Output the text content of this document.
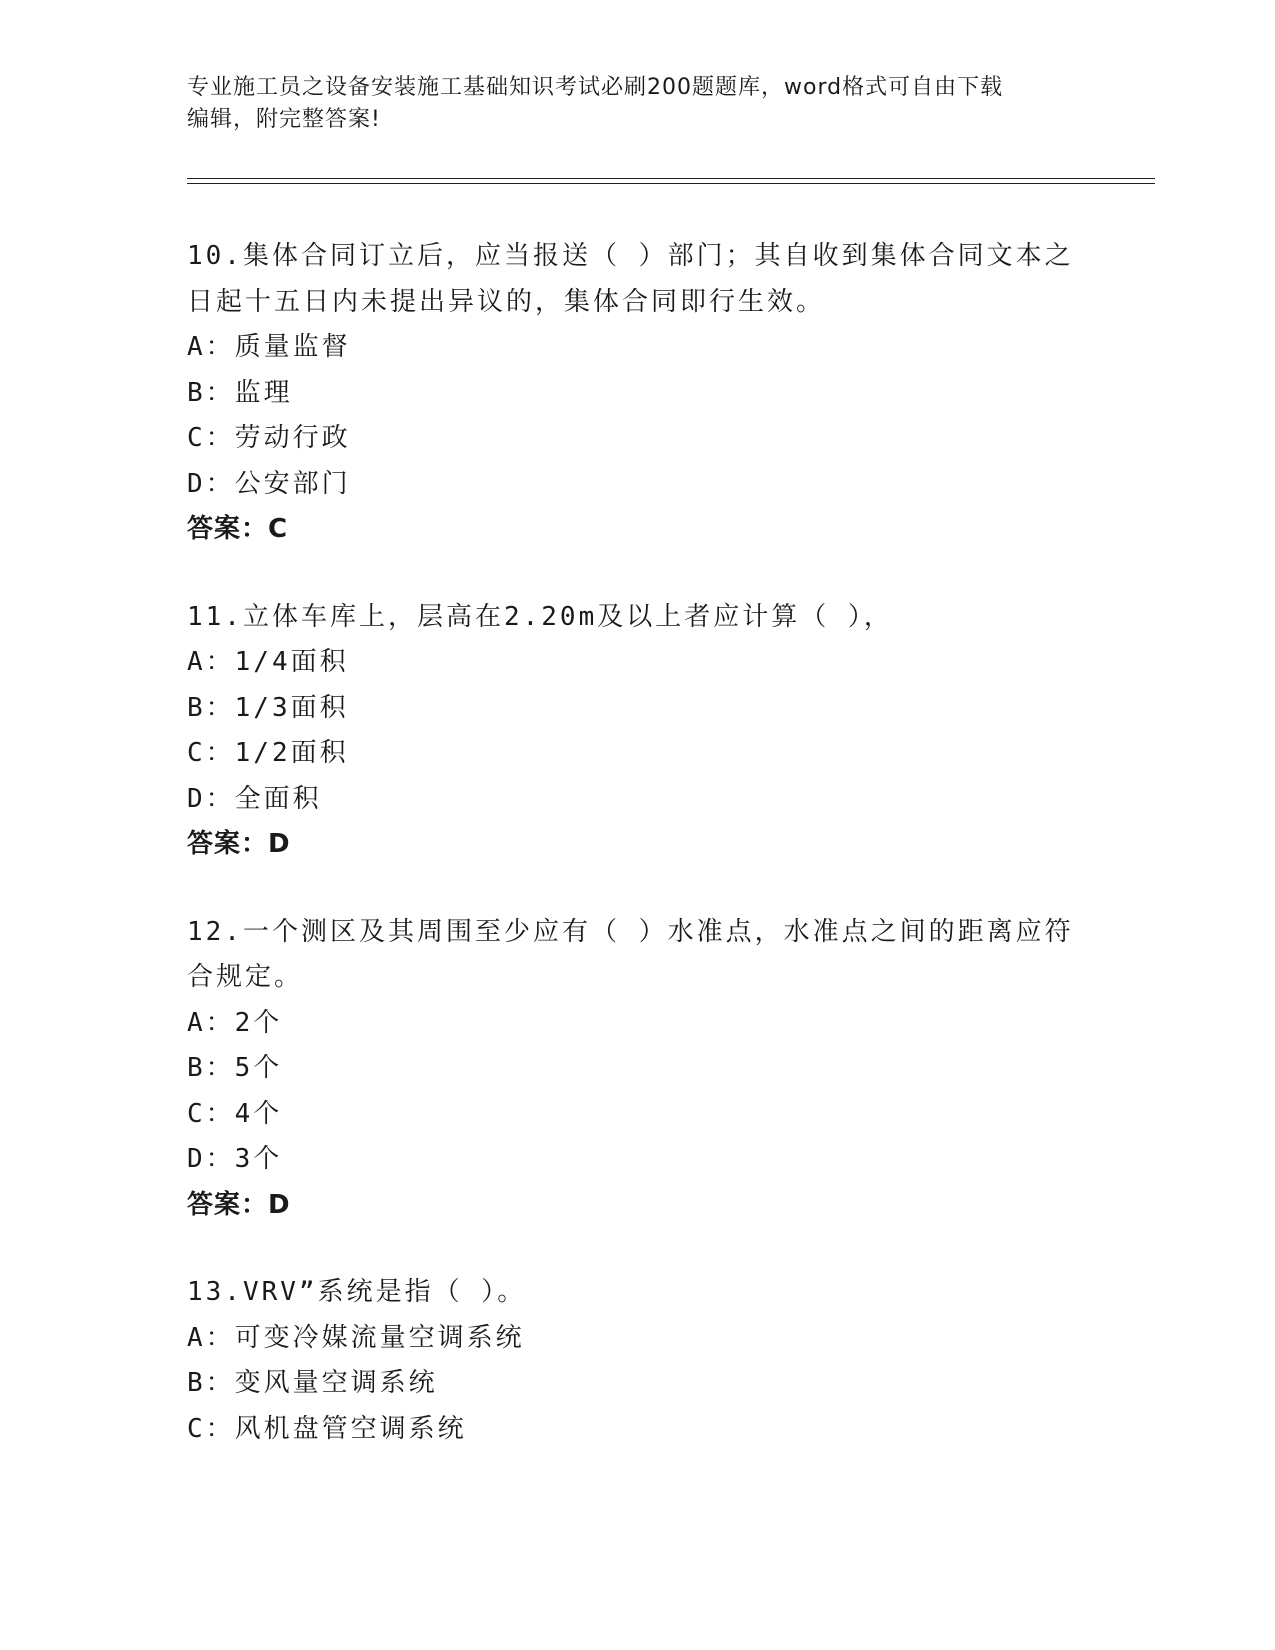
专业施工员之设备安装施工基础知识考试必刷200题题库，word格式可自由下载
编辑，附完整答案!
10.集体合同订立后，应当报送（ ）部门；其自收到集体合同文本之
日起十五日内未提出异议的，集体合同即行生效。
A：质量监督
B：监理
C：劳动行政
D：公安部门
答案：C
11.立体车库上，层高在2.20m及以上者应计算（ ），
A：1/4面积
B：1/3面积
C：1/2面积
D：全面积
答案：D
12.一个测区及其周围至少应有（ ）水准点，水准点之间的距离应符
合规定。
A：2个
B：5个
C：4个
D：3个
答案：D
13.VRV”系统是指（ ）。
A：可变冷媒流量空调系统
B：变风量空调系统
C：风机盘管空调系统
